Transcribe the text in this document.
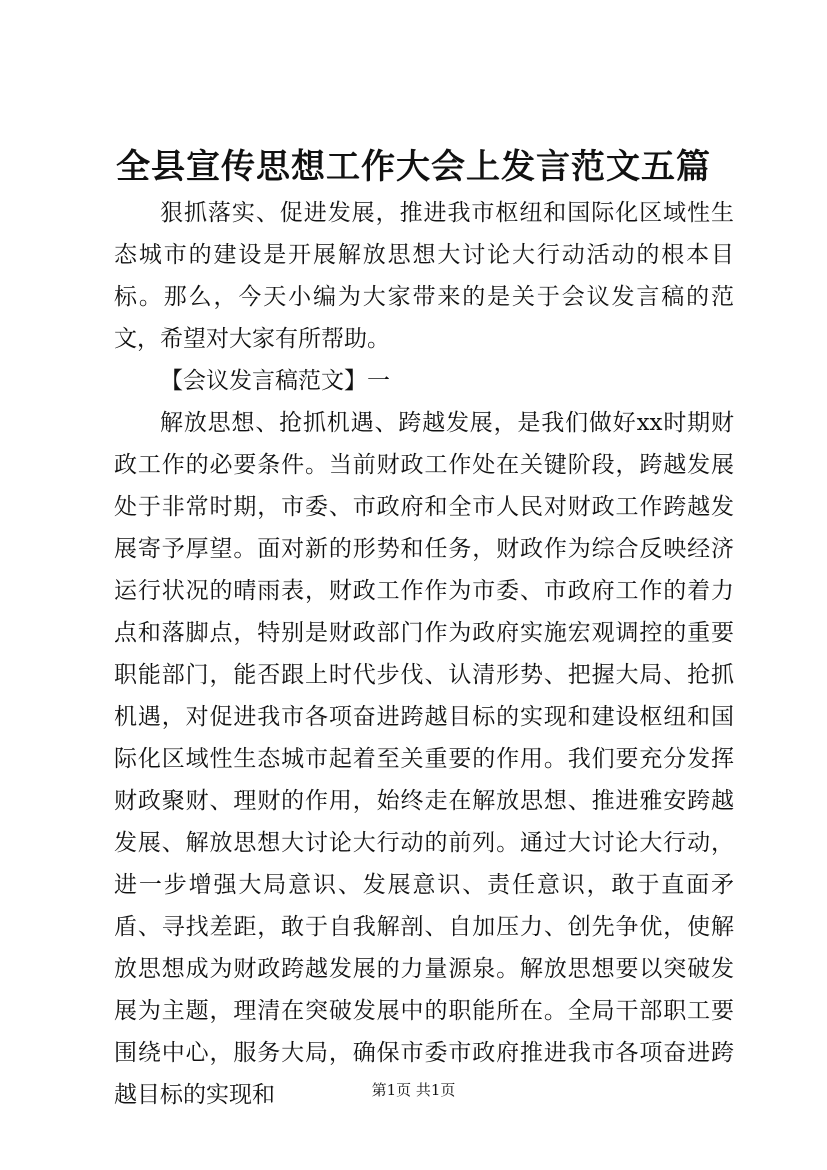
全县宣传思想工作大会上发言范文五篇

狠抓落实、促进发展，推进我市枢纽和国际化区域性生态城市的建设是开展解放思想大讨论大行动活动的根本目标。那么，今天小编为大家带来的是关于会议发言稿的范文，希望对大家有所帮助。

【会议发言稿范文】一

解放思想、抢抓机遇、跨越发展，是我们做好xx时期财政工作的必要条件。当前财政工作处在关键阶段，跨越发展处于非常时期，市委、市政府和全市人民对财政工作跨越发展寄予厚望。面对新的形势和任务，财政作为综合反映经济运行状况的晴雨表，财政工作作为市委、市政府工作的着力点和落脚点，特别是财政部门作为政府实施宏观调控的重要职能部门，能否跟上时代步伐、认清形势、把握大局、抢抓机遇，对促进我市各项奋进跨越目标的实现和建设枢纽和国际化区域性生态城市起着至关重要的作用。我们要充分发挥财政聚财、理财的作用，始终走在解放思想、推进雅安跨越发展、解放思想大讨论大行动的前列。通过大讨论大行动，进一步增强大局意识、发展意识、责任意识，敢于直面矛盾、寻找差距，敢于自我解剖、自加压力、创先争优，使解放思想成为财政跨越发展的力量源泉。解放思想要以突破发展为主题，理清在突破发展中的职能所在。全局干部职工要围绕中心，服务大局，确保市委市政府推进我市各项奋进跨越目标的实现和	第1页 共1页
